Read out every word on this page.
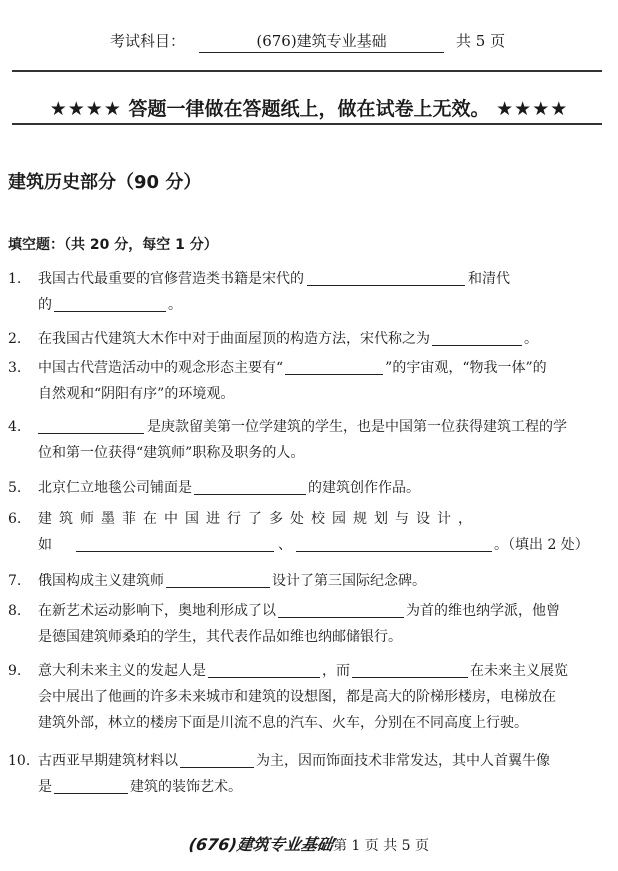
考试科目：	(676)建筑专业基础	共 5 页
★★★★ 答题一律做在答题纸上，做在试卷上无效。 ★★★★
建筑历史部分（90 分）
填空题：（共 20 分，每空 1 分）
1.	我国古代最重要的官修营造类书籍是宋代的	和清代
的	。
2.	在我国古代建筑大木作中对于曲面屋顶的构造方法，宋代称之为	。
3.	中国古代营造活动中的观念形态主要有“	”的宇宙观，“物我一体”的
自然观和“阴阳有序”的环境观。
4.	是庚款留美第一位学建筑的学生，也是中国第一位获得建筑工程的学
位和第一位获得“建筑师”职称及职务的人。
5.	北京仁立地毯公司铺面是	的建筑创作作品。
6.	建筑师墨菲在中国进行了多处校园规划与设计，
如	、	。（填出 2 处）
7.	俄国构成主义建筑师	设计了第三国际纪念碑。
8.	在新艺术运动影响下，奥地利形成了以	为首的维也纳学派，他曾
是德国建筑师桑珀的学生，其代表作品如维也纳邮储银行。
9.	意大利未来主义的发起人是	，而	在未来主义展览
会中展出了他画的许多未来城市和建筑的设想图，都是高大的阶梯形楼房，电梯放在
建筑外部，林立的楼房下面是川流不息的汽车、火车，分别在不同高度上行驶。
10. 古西亚早期建筑材料以	为主，因而饰面技术非常发达，其中人首翼牛像
是	建筑的装饰艺术。
(676)建筑专业基础第 1 页 共 5 页
